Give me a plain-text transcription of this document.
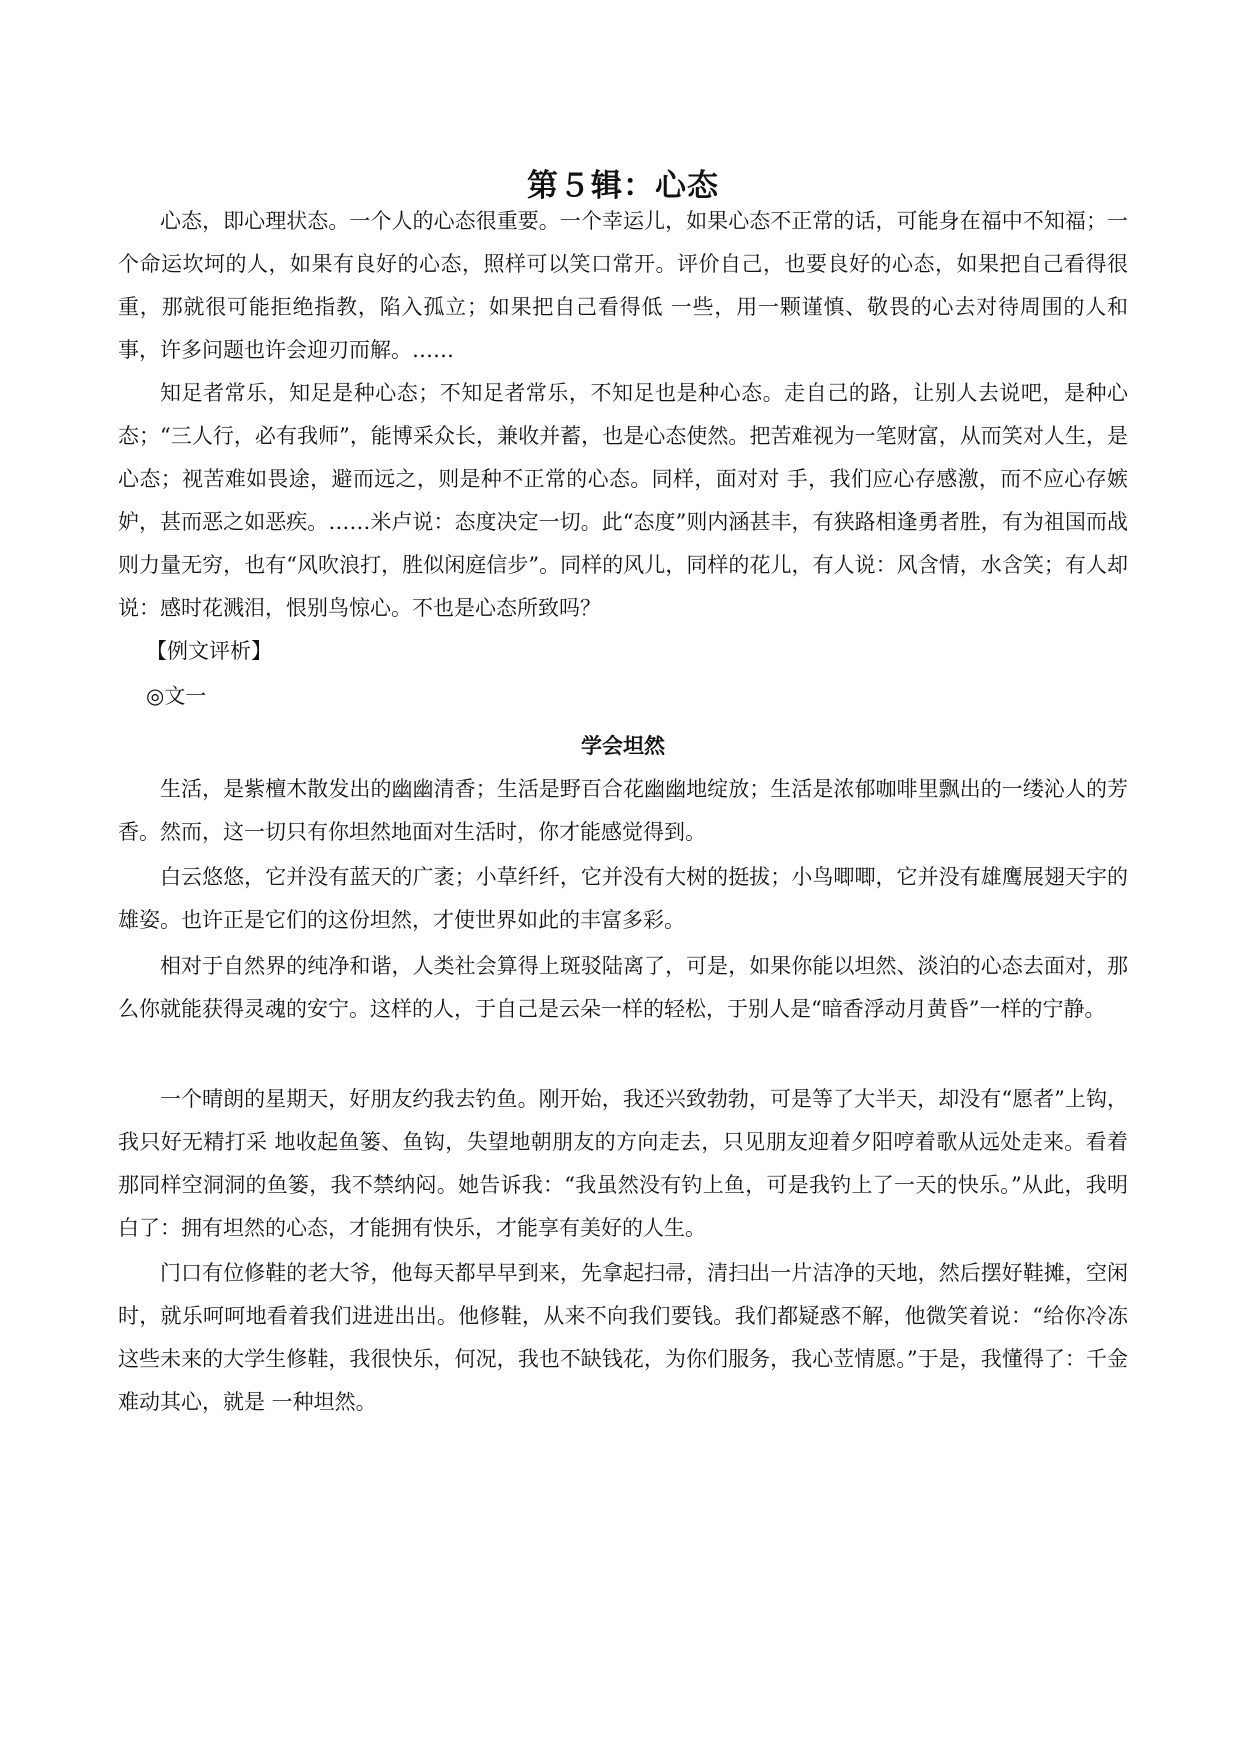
第５辑：心态

心态，即心理状态。一个人的心态很重要。一个幸运儿，如果心态不正常的话，可能身在福中不知福；一个命运坎坷的人，如果有良好的心态，照样可以笑口常开。评价自己，也要良好的心态，如果把自己看得很重，那就很可能拒绝指教，陷入孤立；如果把自己看得低 一些，用一颗谨慎、敬畏的心去对待周围的人和事，许多问题也许会迎刃而解。……

知足者常乐，知足是种心态；不知足者常乐，不知足也是种心态。走自己的路，让别人去说吧，是种心态；“三人行，必有我师”，能博采众长，兼收并蓄，也是心态使然。把苦难视为一笔财富，从而笑对人生，是心态；视苦难如畏途，避而远之，则是种不正常的心态。同样，面对对 手，我们应心存感激，而不应心存嫉妒，甚而恶之如恶疾。……米卢说：态度决定一切。此“态度”则内涵甚丰，有狭路相逢勇者胜，有为祖国而战则力量无穷，也有“风吹浪打，胜似闲庭信步”。同样的风儿，同样的花儿，有人说：风含情，水含笑；有人却说：感时花溅泪，恨别鸟惊心。不也是心态所致吗？

【例文评析】

◎文一

学会坦然

生活，是紫檀木散发出的幽幽清香；生活是野百合花幽幽地绽放；生活是浓郁咖啡里飘出的一缕沁人的芳香。然而，这一切只有你坦然地面对生活时，你才能感觉得到。

白云悠悠，它并没有蓝天的广袤；小草纤纤，它并没有大树的挺拔；小鸟唧唧，它并没有雄鹰展翅天宇的雄姿。也许正是它们的这份坦然，才使世界如此的丰富多彩。

相对于自然界的纯净和谐，人类社会算得上斑驳陆离了，可是，如果你能以坦然、淡泊的心态去面对，那么你就能获得灵魂的安宁。这样的人，于自己是云朵一样的轻松，于别人是“暗香浮动月黄昏”一样的宁静。

一个晴朗的星期天，好朋友约我去钓鱼。刚开始，我还兴致勃勃，可是等了大半天，却没有“愿者”上钩，我只好无精打采 地收起鱼篓、鱼钩，失望地朝朋友的方向走去，只见朋友迎着夕阳哼着歌从远处走来。看着那同样空洞洞的鱼篓，我不禁纳闷。她告诉我：“我虽然没有钓上鱼，可是我钓上了一天的快乐。”从此，我明白了：拥有坦然的心态，才能拥有快乐，才能享有美好的人生。

门口有位修鞋的老大爷，他每天都早早到来，先拿起扫帚，清扫出一片洁净的天地，然后摆好鞋摊，空闲时，就乐呵呵地看着我们进进出出。他修鞋，从来不向我们要钱。我们都疑惑不解，他微笑着说：“给你冷冻这些未来的大学生修鞋，我很快乐，何况，我也不缺钱花，为你们服务，我心苙情愿。”于是，我懂得了：千金难动其心，就是 一种坦然。
